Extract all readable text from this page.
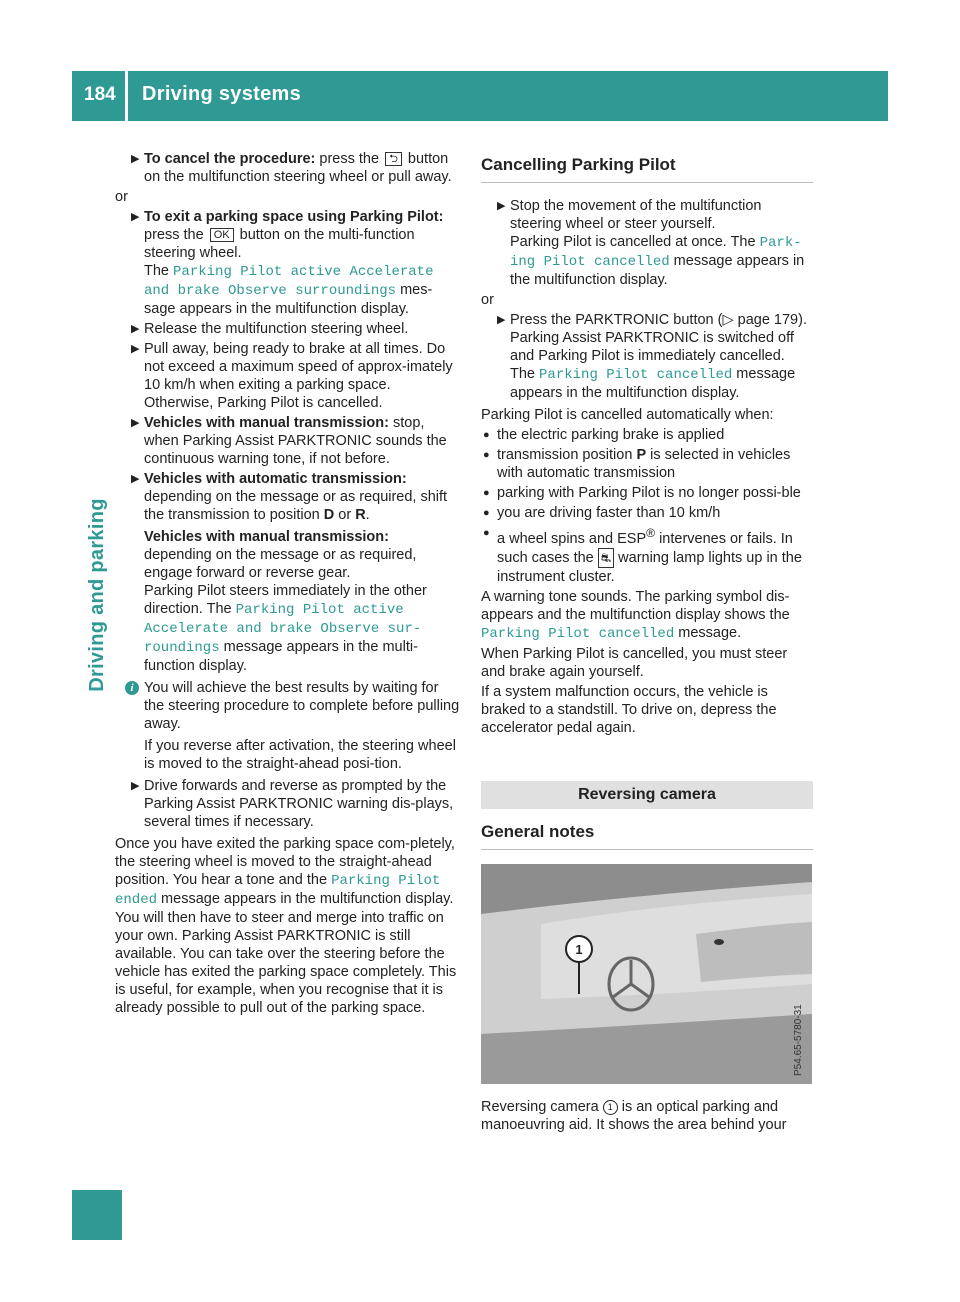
184 Driving systems
Driving and parking
▶ To cancel the procedure: press the ⮌ button on the multifunction steering wheel or pull away.

or

▶ To exit a parking space using Parking Pilot: press the OK button on the multi-function steering wheel.
The Parking Pilot active Accelerate and brake Observe surroundings mes-sage appears in the multifunction display.
▶ Release the multifunction steering wheel.
▶ Pull away, being ready to brake at all times. Do not exceed a maximum speed of approx-imately 10 km/h when exiting a parking space. Otherwise, Parking Pilot is cancelled.
▶ Vehicles with manual transmission: stop, when Parking Assist PARKTRONIC sounds the continuous warning tone, if not before.
▶ Vehicles with automatic transmission: depending on the message or as required, shift the transmission to position D or R.
Vehicles with manual transmission:
depending on the message or as required, engage forward or reverse gear.
Parking Pilot steers immediately in the other direction. The Parking Pilot active Accelerate and brake Observe sur-roundings message appears in the multi-function display.
i You will achieve the best results by waiting for the steering procedure to complete before pulling away.
If you reverse after activation, the steering wheel is moved to the straight-ahead posi-tion.
▶ Drive forwards and reverse as prompted by the Parking Assist PARKTRONIC warning dis-plays, several times if necessary.

Once you have exited the parking space com-pletely, the steering wheel is moved to the straight-ahead position. You hear a tone and the Parking Pilot ended message appears in the multifunction display. You will then have to steer and merge into traffic on your own. Parking Assist PARKTRONIC is still available. You can take over the steering before the vehicle has exited the parking space completely. This is useful, for example, when you recognise that it is already possible to pull out of the parking space.

Cancelling Parking Pilot
▶ Stop the movement of the multifunction steering wheel or steer yourself.
Parking Pilot is cancelled at once. The Park-ing Pilot cancelled message appears in the multifunction display.

or

▶ Press the PARKTRONIC button (▷ page 179). Parking Assist PARKTRONIC is switched off and Parking Pilot is immediately cancelled.
The Parking Pilot cancelled message appears in the multifunction display.

Parking Pilot is cancelled automatically when:

● the electric parking brake is applied
● transmission position P is selected in vehicles with automatic transmission
● parking with Parking Pilot is no longer possi-ble
● you are driving faster than 10 km/h
● a wheel spins and ESP® intervenes or fails. In such cases the ⛐ warning lamp lights up in the instrument cluster.

A warning tone sounds. The parking symbol dis-appears and the multifunction display shows the Parking Pilot cancelled message.

When Parking Pilot is cancelled, you must steer and brake again yourself.

If a system malfunction occurs, the vehicle is braked to a standstill. To drive on, depress the accelerator pedal again.

Reversing camera
General notes
P54.65-5780-31
1

Reversing camera 1 is an optical parking and manoeuvring aid. It shows the area behind your
